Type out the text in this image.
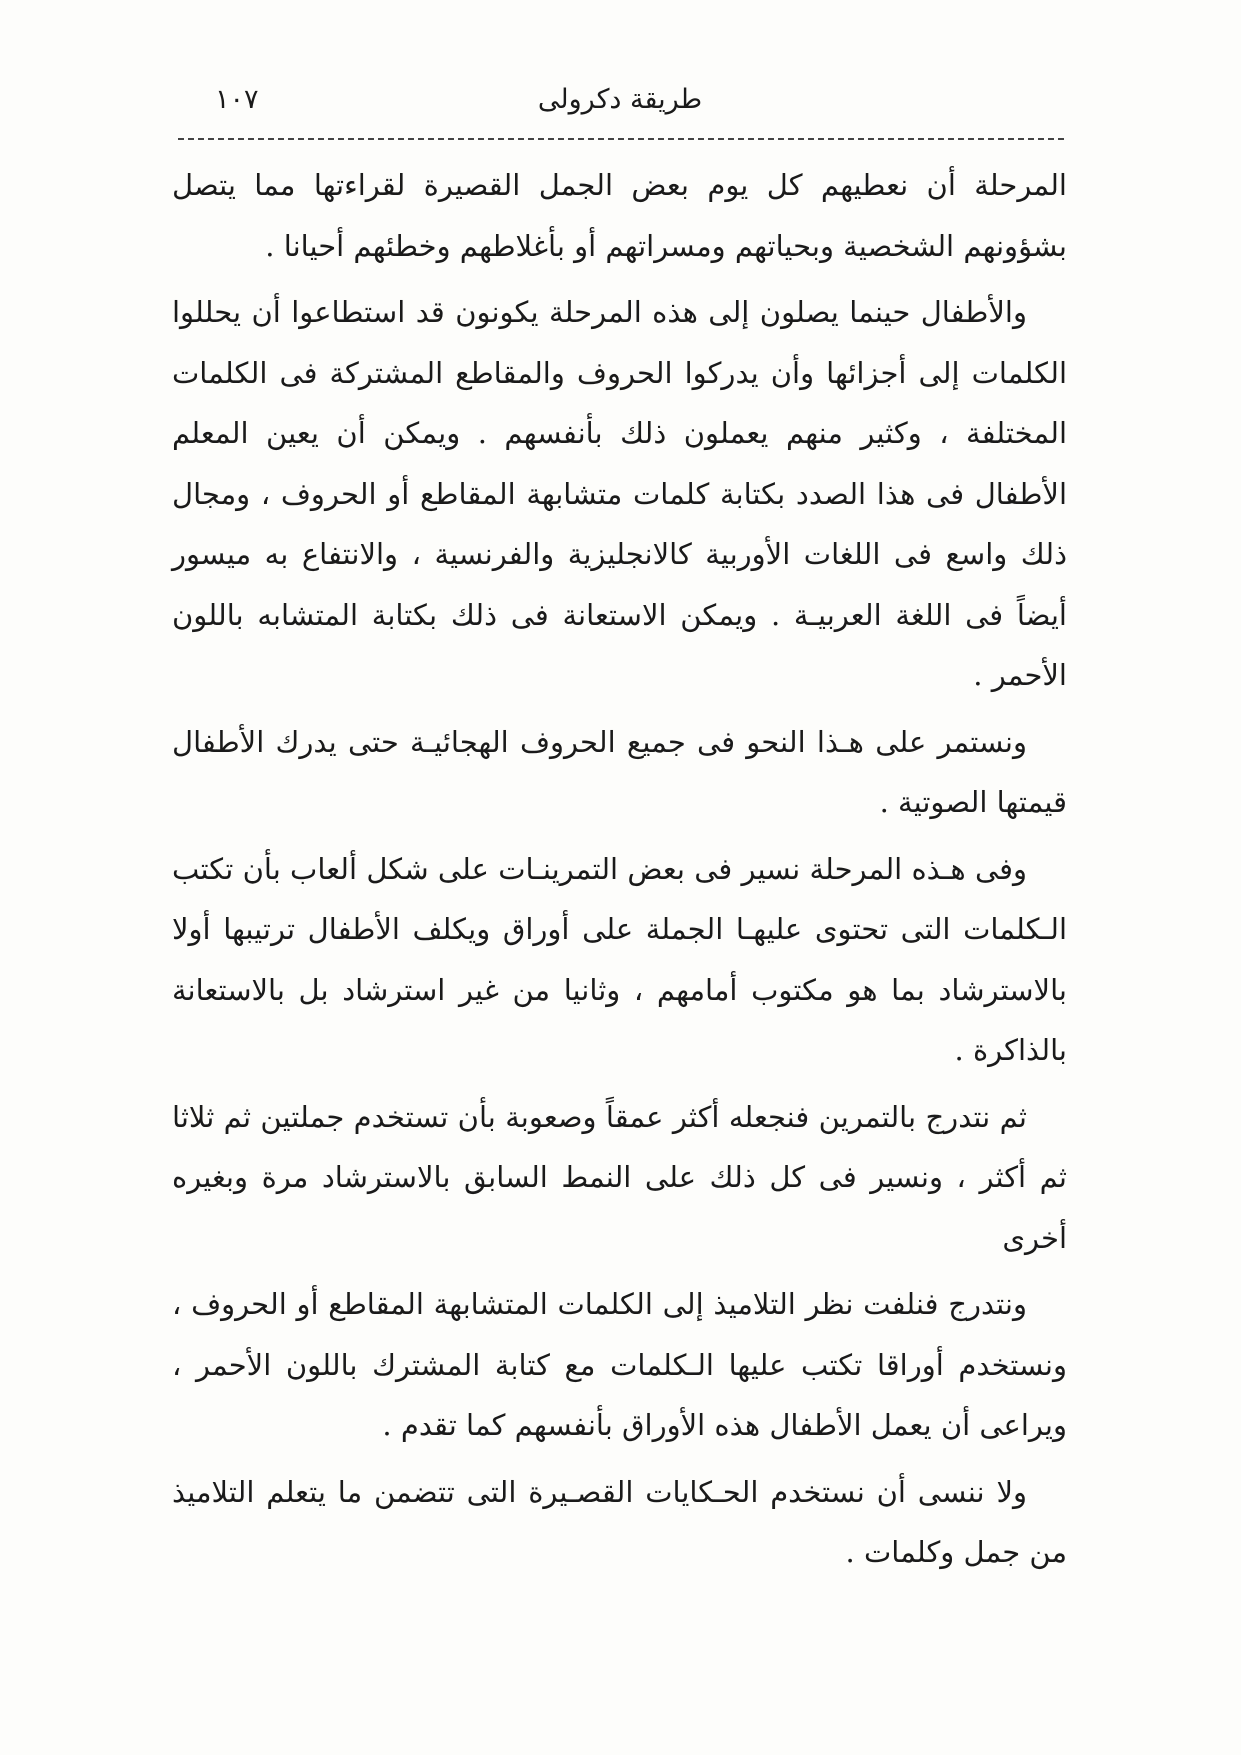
طريقة دكرولى
١٠٧

المرحلة أن نعطيهم كل يوم بعض الجمل القصيرة لقراءتها مما يتصل بشؤونهم الشخصية وبحياتهم ومسراتهم أو بأغلاطهم وخطئهم أحيانا .

والأطفال حينما يصلون إلى هذه المرحلة يكونون قد استطاعوا أن يحللوا الكلمات إلى أجزائها وأن يدركوا الحروف والمقاطع المشتركة فى الكلمات المختلفة ، وكثير منهم يعملون ذلك بأنفسهم . ويمكن أن يعين المعلم الأطفال فى هذا الصدد بكتابة كلمات متشابهة المقاطع أو الحروف ، ومجال ذلك واسع فى اللغات الأوربية كالانجليزية والفرنسية ، والانتفاع به ميسور أيضاً فى اللغة العربيـة . ويمكن الاستعانة فى ذلك بكتابة المتشابه باللون الأحمر .

ونستمر على هـذا النحو فى جميع الحروف الهجائيـة حتى يدرك الأطفال قيمتها الصوتية .

وفى هـذه المرحلة نسير فى بعض التمرينـات على شكل ألعاب بأن تكتب الـكلمات التى تحتوى عليهـا الجملة على أوراق ويكلف الأطفال ترتيبها أولا بالاسترشاد بما هو مكتوب أمامهم ، وثانيا من غير استرشاد بل بالاستعانة بالذاكرة .

ثم نتدرج بالتمرين فنجعله أكثر عمقاً وصعوبة بأن تستخدم جملتين ثم ثلاثا ثم أكثر ، ونسير فى كل ذلك على النمط السابق بالاسترشاد مرة وبغيره أخرى

ونتدرج فنلفت نظر التلاميذ إلى الكلمات المتشابهة المقاطع أو الحروف ، ونستخدم أوراقا تكتب عليها الـكلمات مع كتابة المشترك باللون الأحمر ، ويراعى أن يعمل الأطفال هذه الأوراق بأنفسهم كما تقدم .

ولا ننسى أن نستخدم الحـكايات القصـيرة التى تتضمن ما يتعلم التلاميذ من جمل وكلمات .
